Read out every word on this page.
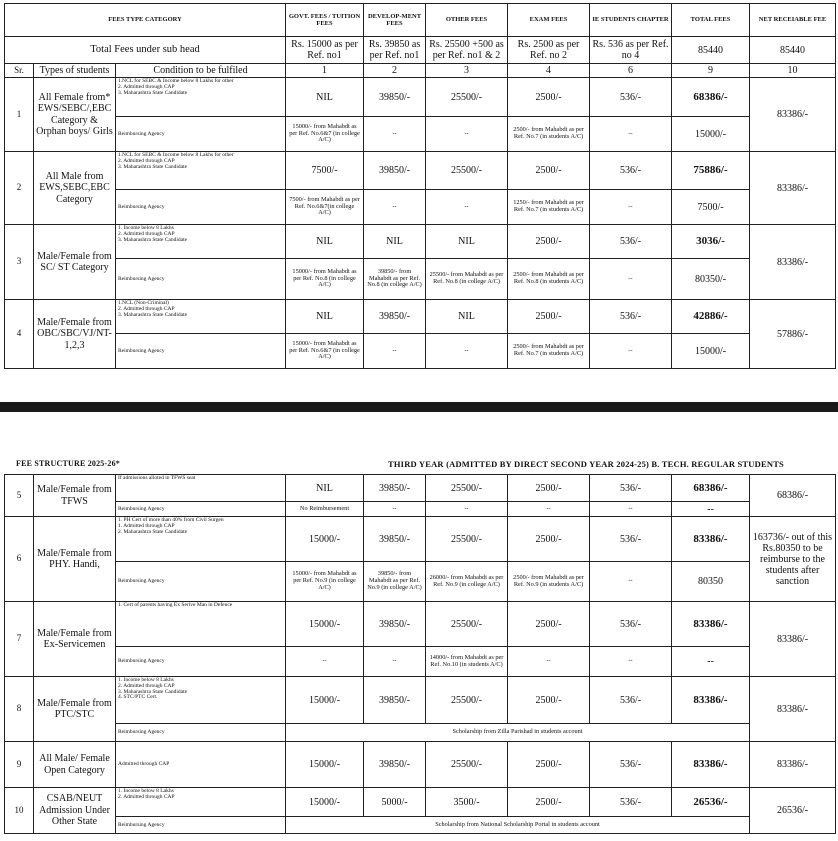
FEES TYPE CATEGORY			GOVT. FEES / TUITION FEES	DEVELOP-MENT FEES	OTHER FEES	EXAM FEES	IE STUDENTS CHAPTER	TOTAL FEES	NET RECEIABLE FEE
Total Fees under sub head			Rs. 15000 as per Ref. no1	Rs. 39850 as per Ref. no1	Rs. 25500 +500 as per Ref. no1 & 2	Rs. 2500 as per Ref. no 2	Rs. 536 as per Ref. no 4	85440	85440
Sr.	Types of students	Condition to be fulfiled	1	2	3	4	6	9	10
1	All Female from* EWS/SEBC/,EBC Category & Orphan boys/ Girls	1.NCL for SEBC & Income below 8 Lakhs for other
2. Admitted through CAP
3. Maharashtra State Candidate	NIL	39850/-	25500/-	2500/-	536/-	68386/-	83386/-
		Reimbursing Agency	15000/- from Mahabdt as per Ref. No.6&7 (in college A/C)	--	--	2500/- from Mahabdt as per Ref. No.7 (in students A/C)	--	15000/-	
2	All Male from EWS,SEBC,EBC Category	1.NCL for SEBC & Income below 8 Lakhs for other
2. Admitted through CAP
3. Maharashtra State Candidate	7500/-	39850/-	25500/-	2500/-	536/-	75886/-	83386/-
		Reimbursing Agency	7500/- from Mahabdt as per Ref. No.6&7(in college A/C)	--	--	1250/- from Mahabdt as per Ref. No.7 (in students A/C)	--	7500/-	
3	Male/Female from SC/ ST Category	1. Income below 8 Lakhs
2. Admitted through CAP
3. Maharashtra State Candidate	NIL	NIL	NIL	2500/-	536/-	3036/-	83386/-
		Reimbursing Agency	15000/- from Mahabdt as per Ref. No.8 (in college A/C)	39850/- from Mahabdt as per Ref. No.8 (in college A/C)	25500/- from Mahabdt as per Ref. No.8 (in college A/C)	2500/- from Mahabdt as per Ref. No.8 (in students A/C)	--	80350/-	
4	Male/Female from OBC/SBC/VJ/NT-1,2,3	1.NCL (Non-Criminal)
2. Admitted through CAP
3. Maharashtra State Candidate	NIL	39850/-	NIL	2500/-	536/-	42886/-	57886/-
		Reimbursing Agency	15000/- from Mahabdt as per Ref. No.6&7 (in college A/C)	--	--	2500/- from Mahabdt as per Ref. No.7 (in students A/C)	--	15000/-	
FEE STRUCTURE 2025-26*	THIRD YEAR (ADMITTED BY DIRECT SECOND YEAR 2024-25) B. TECH. REGULAR STUDENTS
5	Male/Female from TFWS	If admissions alloted in TFWS seat	NIL	39850/-	25500/-	2500/-	536/-	68386/-	68386/-
		Reimbursing Agency	No Reimbursement	--	--	--	--	--	
6	Male/Female from PHY. Handi,	1. PH Cert of more than 40% from Civil Surgen
1. Admitted through CAP
2. Maharashtra State Candidate	15000/-	39850/-	25500/-	2500/-	536/-	83386/-	163736/- out of this Rs.80350 to be reimburse to the students after sanction
		Reimbursing Agency	15000/- from Mahabdt as per Ref. No.9 (in college A/C)	39850/- from Mahabdt as per Ref. No.9 (in college A/C)	26000/- from Mahabdt as per Ref. No.9 (in college A/C)	2500/- from Mahabdt as per Ref. No.9 (in students A/C)	--	80350	
7	Male/Female from Ex-Servicemen	1. Cert of parents having Ex Serive Man in Defence	15000/-	39850/-	25500/-	2500/-	536/-	83386/-	83386/-
		Reimbursing Agency	--	--	14000/- from Mahabdt as per Ref. No.10 (in students A/C)	--	--	--	
8	Male/Female from PTC/STC	1. Income below 8 Lakhs
2. Admitted through CAP
3. Maharashtra State Candidate
4. STC/PTC Cert.	15000/-	39850/-	25500/-	2500/-	536/-	83386/-	83386/-
		Reimbursing Agency	Scholarship from Zilla Parishad in students account						
9	All Male/ Female Open Category	Admitted through CAP	15000/-	39850/-	25500/-	2500/-	536/-	83386/-	83386/-
10	CSAB/NEUT Admission Under Other State	1. Income below 8 Lakhs
2. Admitted through CAP	15000/-	5000/-	3500/-	2500/-	536/-	26536/-	26536/-
		Reimbursing Agency	Scholarship from National Scholarship Portal in students account						
